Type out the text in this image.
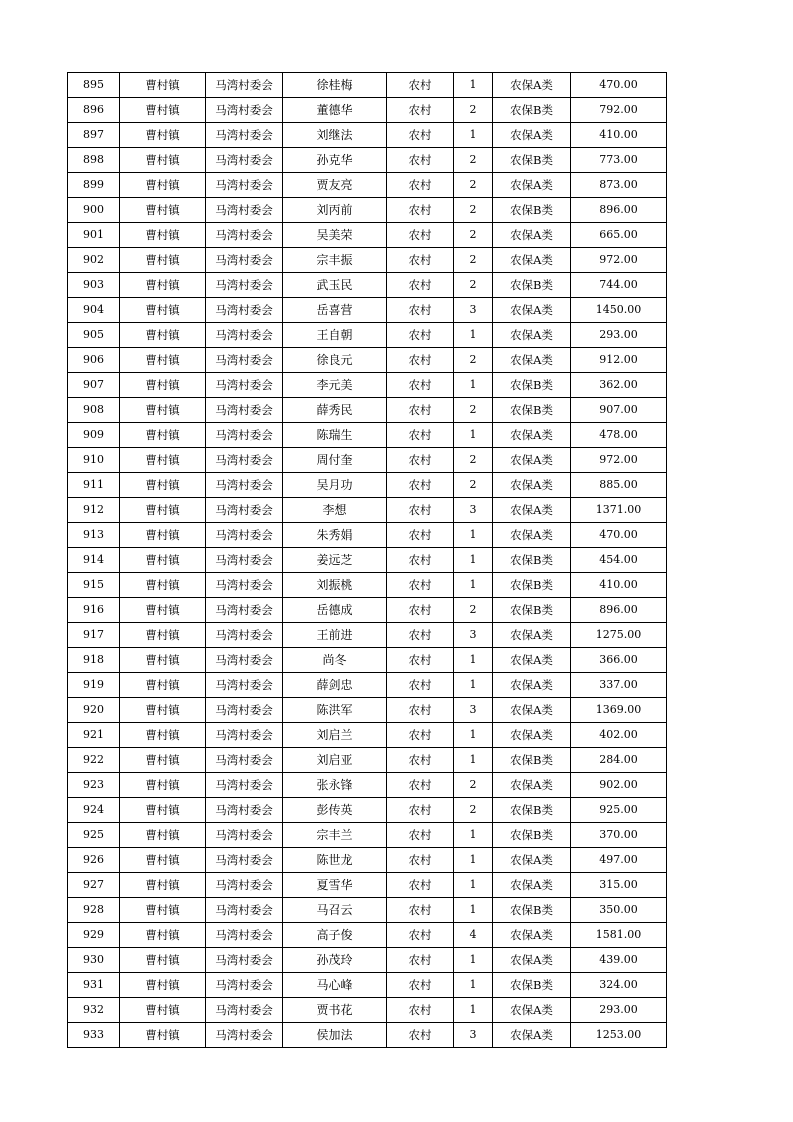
895	曹村镇	马湾村委会	徐桂梅	农村	1	农保A类	470.00
896	曹村镇	马湾村委会	董德华	农村	2	农保B类	792.00
897	曹村镇	马湾村委会	刘继法	农村	1	农保A类	410.00
898	曹村镇	马湾村委会	孙克华	农村	2	农保B类	773.00
899	曹村镇	马湾村委会	贾友亮	农村	2	农保A类	873.00
900	曹村镇	马湾村委会	刘丙前	农村	2	农保B类	896.00
901	曹村镇	马湾村委会	吴美荣	农村	2	农保A类	665.00
902	曹村镇	马湾村委会	宗丰振	农村	2	农保A类	972.00
903	曹村镇	马湾村委会	武玉民	农村	2	农保B类	744.00
904	曹村镇	马湾村委会	岳喜营	农村	3	农保A类	1450.00
905	曹村镇	马湾村委会	王自朝	农村	1	农保A类	293.00
906	曹村镇	马湾村委会	徐良元	农村	2	农保A类	912.00
907	曹村镇	马湾村委会	李元美	农村	1	农保B类	362.00
908	曹村镇	马湾村委会	薛秀民	农村	2	农保B类	907.00
909	曹村镇	马湾村委会	陈瑞生	农村	1	农保A类	478.00
910	曹村镇	马湾村委会	周付奎	农村	2	农保A类	972.00
911	曹村镇	马湾村委会	吴月功	农村	2	农保A类	885.00
912	曹村镇	马湾村委会	李想	农村	3	农保A类	1371.00
913	曹村镇	马湾村委会	朱秀娟	农村	1	农保A类	470.00
914	曹村镇	马湾村委会	姜远芝	农村	1	农保B类	454.00
915	曹村镇	马湾村委会	刘振桃	农村	1	农保B类	410.00
916	曹村镇	马湾村委会	岳德成	农村	2	农保B类	896.00
917	曹村镇	马湾村委会	王前进	农村	3	农保A类	1275.00
918	曹村镇	马湾村委会	尚冬	农村	1	农保A类	366.00
919	曹村镇	马湾村委会	薛剑忠	农村	1	农保A类	337.00
920	曹村镇	马湾村委会	陈洪军	农村	3	农保A类	1369.00
921	曹村镇	马湾村委会	刘启兰	农村	1	农保A类	402.00
922	曹村镇	马湾村委会	刘启亚	农村	1	农保B类	284.00
923	曹村镇	马湾村委会	张永锋	农村	2	农保A类	902.00
924	曹村镇	马湾村委会	彭传英	农村	2	农保B类	925.00
925	曹村镇	马湾村委会	宗丰兰	农村	1	农保B类	370.00
926	曹村镇	马湾村委会	陈世龙	农村	1	农保A类	497.00
927	曹村镇	马湾村委会	夏雪华	农村	1	农保A类	315.00
928	曹村镇	马湾村委会	马召云	农村	1	农保B类	350.00
929	曹村镇	马湾村委会	高子俊	农村	4	农保A类	1581.00
930	曹村镇	马湾村委会	孙茂玲	农村	1	农保A类	439.00
931	曹村镇	马湾村委会	马心峰	农村	1	农保B类	324.00
932	曹村镇	马湾村委会	贾书花	农村	1	农保A类	293.00
933	曹村镇	马湾村委会	侯加法	农村	3	农保A类	1253.00
